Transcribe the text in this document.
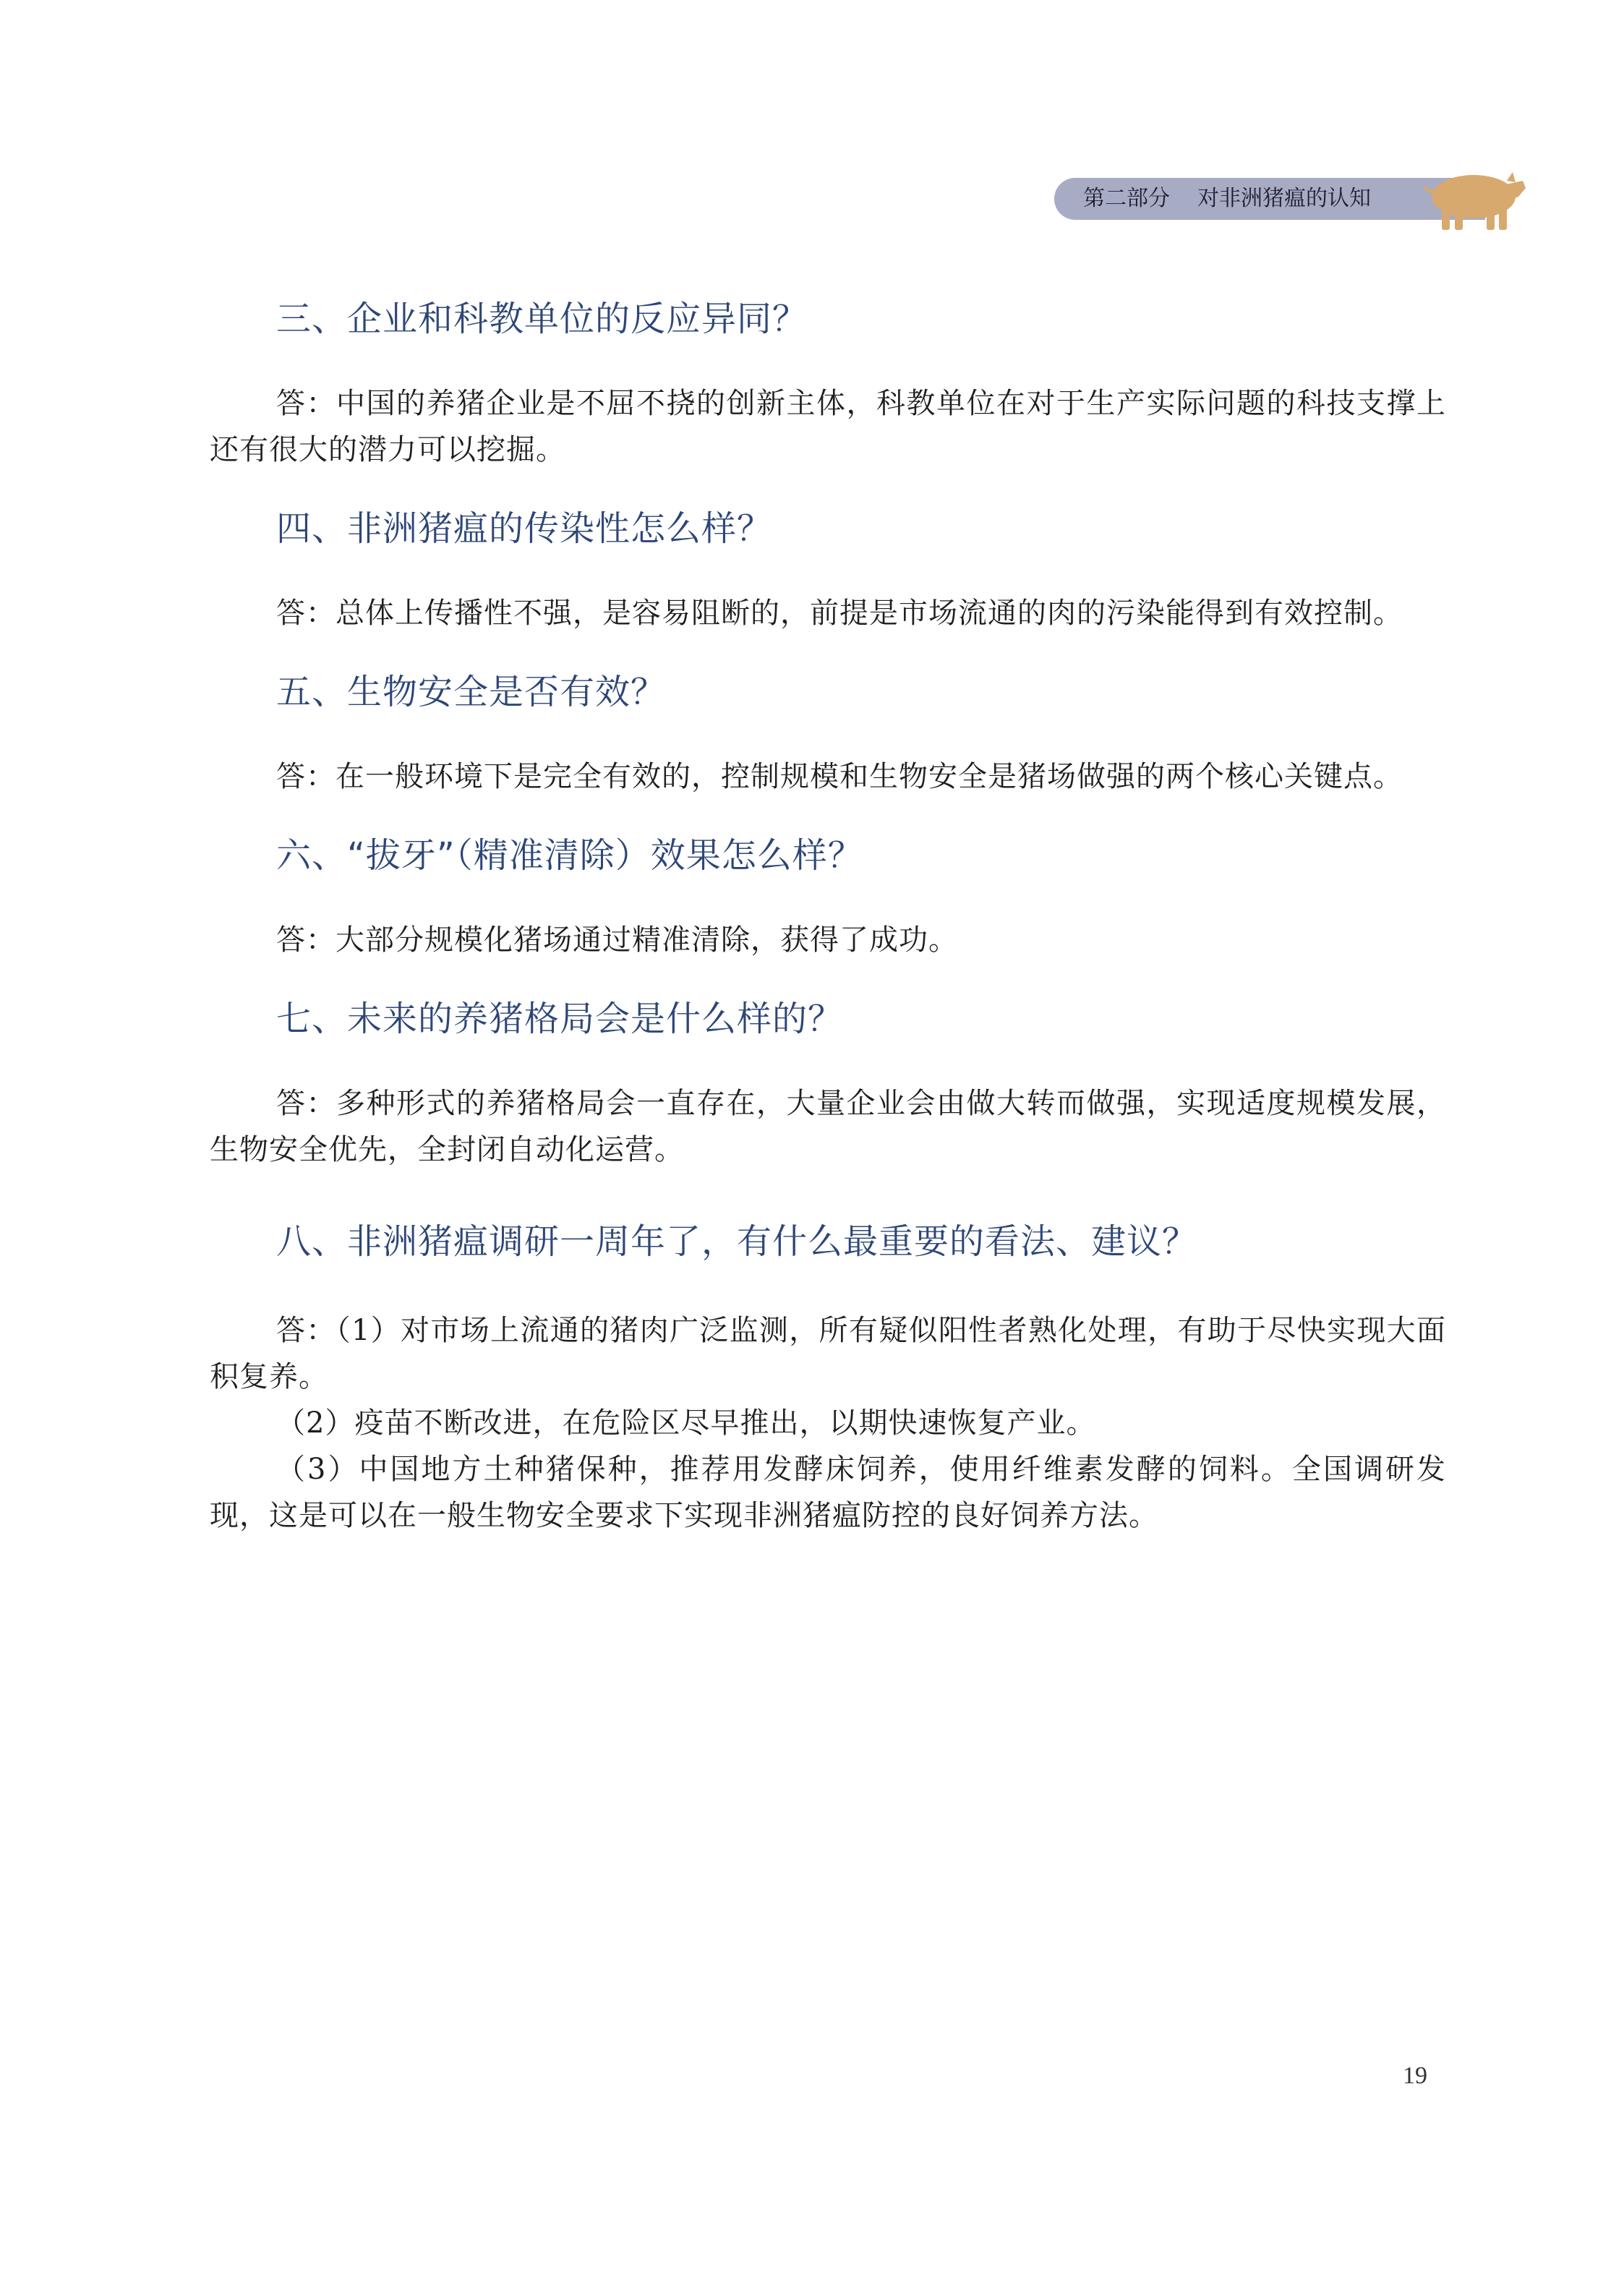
第二部分 对非洲猪瘟的认知
三、企业和科教单位的反应异同？

答：中国的养猪企业是不屈不挠的创新主体，科教单位在对于生产实际问题的科技支撑上还有很大的潜力可以挖掘。

四、非洲猪瘟的传染性怎么样？

答：总体上传播性不强，是容易阻断的，前提是市场流通的肉的污染能得到有效控制。

五、生物安全是否有效？

答：在一般环境下是完全有效的，控制规模和生物安全是猪场做强的两个核心关键点。

六、“拔牙”（精准清除）效果怎么样？

答：大部分规模化猪场通过精准清除，获得了成功。

七、未来的养猪格局会是什么样的？

答：多种形式的养猪格局会一直存在，大量企业会由做大转而做强，实现适度规模发展，生物安全优先，全封闭自动化运营。

八、非洲猪瘟调研一周年了，有什么最重要的看法、建议？

答：（1）对市场上流通的猪肉广泛监测，所有疑似阳性者熟化处理，有助于尽快实现大面积复养。

（2）疫苗不断改进，在危险区尽早推出，以期快速恢复产业。

（3）中国地方土种猪保种，推荐用发酵床饲养，使用纤维素发酵的饲料。全国调研发现，这是可以在一般生物安全要求下实现非洲猪瘟防控的良好饲养方法。

19
